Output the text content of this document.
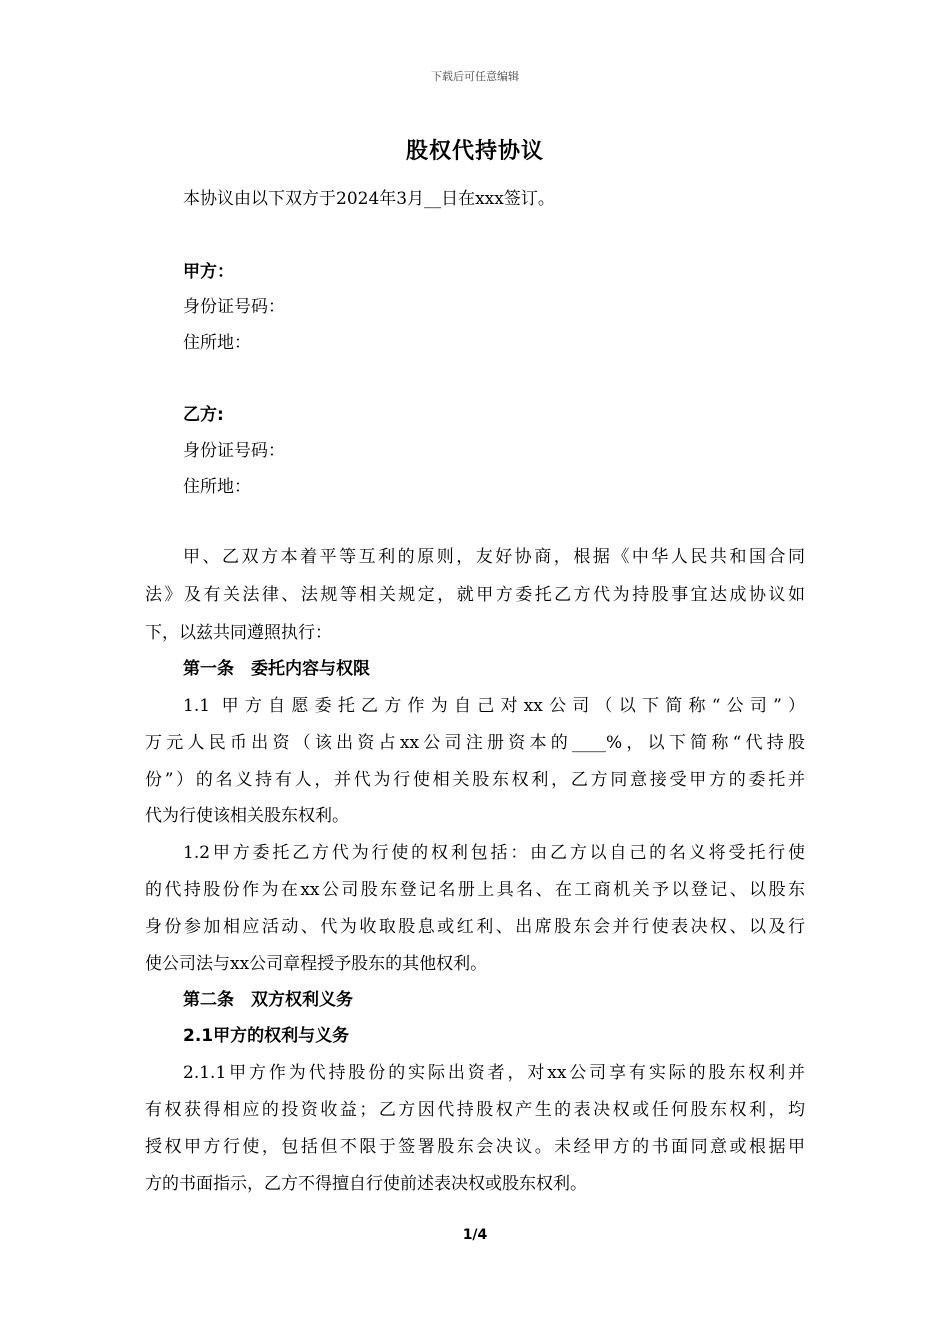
下载后可任意编辑
股权代持协议
本协议由以下双方于2024年3月__日在xxx签订。
甲方：
身份证号码：
住所地：
乙方:
身份证号码：
住所地：
甲、乙双方本着平等互利的原则，友好协商，根据《中华人民共和国合同
法》及有关法律、法规等相关规定，就甲方委托乙方代为持股事宜达成协议如
下，以兹共同遵照执行：
第一条　委托内容与权限
1.1 甲方自愿委托乙方作为自己对xx公司（以下简称“公司”）
万元人民币出资（该出资占xx公司注册资本的____%，以下简称“代持股
份”）的名义持有人，并代为行使相关股东权利，乙方同意接受甲方的委托并
代为行使该相关股东权利。
1.2甲方委托乙方代为行使的权利包括：由乙方以自己的名义将受托行使
的代持股份作为在xx公司股东登记名册上具名、在工商机关予以登记、以股东
身份参加相应活动、代为收取股息或红利、出席股东会并行使表决权、以及行
使公司法与xx公司章程授予股东的其他权利。
第二条　双方权利义务
2.1甲方的权利与义务
2.1.1甲方作为代持股份的实际出资者，对xx公司享有实际的股东权利并
有权获得相应的投资收益；乙方因代持股权产生的表决权或任何股东权利，均
授权甲方行使，包括但不限于签署股东会决议。未经甲方的书面同意或根据甲
方的书面指示，乙方不得擅自行使前述表决权或股东权利。
1/4
